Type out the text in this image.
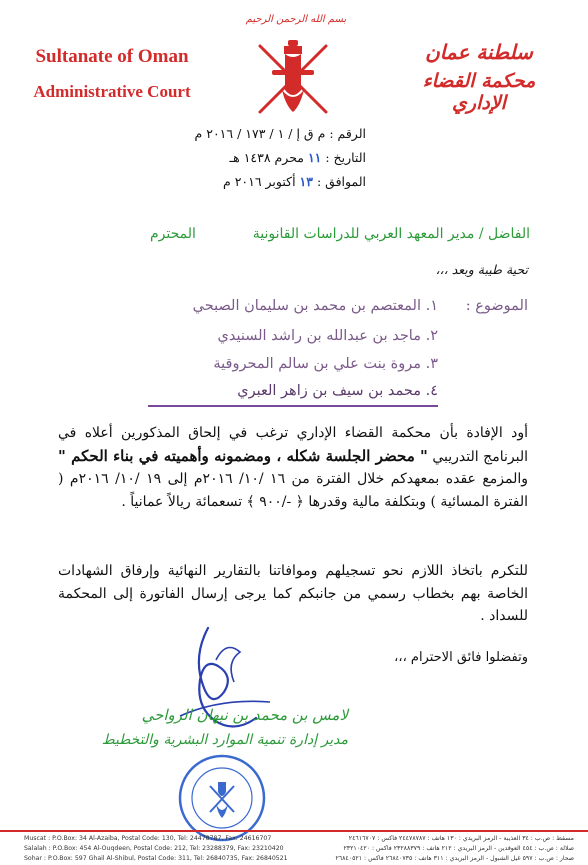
بسم الله الرحمن الرحيم
Sultanate of Oman
Administrative Court
سلطنة عمان
محكمة القضاء الإداري
الرقم : م ق إ / ١ / ١٧٣ / ٢٠١٦ م
التاريخ : ١١ محرم ١٤٣٨ هـ
الموافق : ١٣ أكتوبر ٢٠١٦ م
الفاضل / مدير المعهد العربي للدراسات القانونية
المحترم
تحية طيبة وبعد ،،،
الموضوع :
١. المعتصم بن محمد بن سليمان الصبحي
٢. ماجد بن عبدالله بن راشد السنيدي
٣. مروة بنت علي بن سالم المحروقية
٤. محمد بن سيف بن زاهر العبري
أود الإفادة بأن محكمة القضاء الإداري ترغب في إلحاق المذكورين أعلاه في البرنامج التدريبي " محضر الجلسة شكله ، ومضمونه وأهميته في بناء الحكم " والمزمع عقده بمعهدكم خلال الفترة من ١٦ /١٠/ ٢٠١٦م إلى ١٩ /١٠/ ٢٠١٦م ( الفترة المسائية ) وبتكلفة مالية وقدرها ﴿ -/٩٠٠ ﴾ تسعمائة ريالاً عمانياً .
للتكرم باتخاذ اللازم نحو تسجيلهم وموافاتنا بالتقارير النهائية وإرفاق الشهادات الخاصة بهم بخطاب رسمي من جانبكم كما يرجى إرسال الفاتورة إلى المحكمة للسداد .
وتفضلوا فائق الاحترام ،،،
لامس بن محمد بن نبهان الرواحي
مدير إدارة تنمية الموارد البشرية والتخطيط
Muscat : P.O.Box: 34 Al-Azaiba, Postal Code: 130, Tel: 24478787, Fax: 24616707
Salalah : P.O.Box: 454 Al-Ouqdeen, Postal Code: 212, Tel: 23288379, Fax: 23210420
Sohar : P.O.Box: 597 Ghail Al-Shibul, Postal Code: 311, Tel: 26840735, Fax: 26840521
مسقط : ص.ب : ٣٤ العذيبة - الرمز البريدي : ١٣٠ هاتف : ٢٤٤٧٨٧٨٧ فاكس : ٢٤٦١٦٧٠٧
صلالة : ص.ب : ٤٥٤ العوقدين - الرمز البريدي : ٢١٢ هاتف : ٢٣٢٨٨٣٧٩ فاكس : ٢٣٢١٠٤٢٠
صحار : ص.ب : ٥٩٧ غيل الشبول - الرمز البريدي : ٣١١ هاتف : ٢٦٨٤٠٧٣٥ فاكس : ٢٦٨٤٠٥٢١
